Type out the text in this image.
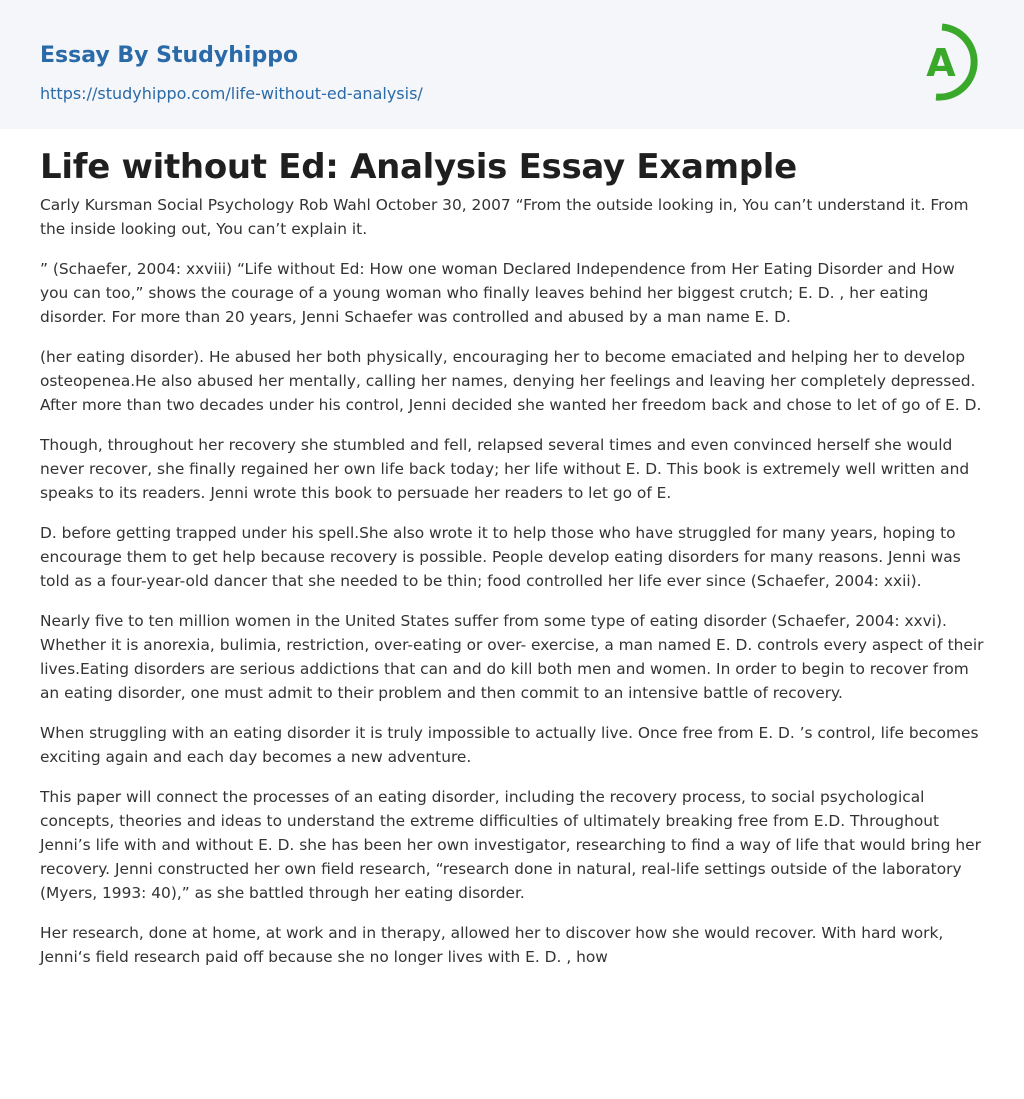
Essay By Studyhippo
https://studyhippo.com/life-without-ed-analysis/
A
Life without Ed: Analysis Essay Example

Carly Kursman Social Psychology Rob Wahl October 30, 2007 “From the outside looking in, You can’t understand it. From the inside looking out, You can’t explain it.

” (Schaefer, 2004: xxviii) “Life without Ed: How one woman Declared Independence from Her Eating Disorder and How you can too,” shows the courage of a young woman who finally leaves behind her biggest crutch; E. D. , her eating disorder. For more than 20 years, Jenni Schaefer was controlled and abused by a man name E. D.

(her eating disorder). He abused her both physically, encouraging her to become emaciated and helping her to develop osteopenea.He also abused her mentally, calling her names, denying her feelings and leaving her completely depressed. After more than two decades under his control, Jenni decided she wanted her freedom back and chose to let of go of E. D.

Though, throughout her recovery she stumbled and fell, relapsed several times and even convinced herself she would never recover, she finally regained her own life back today; her life without E. D. This book is extremely well written and speaks to its readers. Jenni wrote this book to persuade her readers to let go of E.

D. before getting trapped under his spell.She also wrote it to help those who have struggled for many years, hoping to encourage them to get help because recovery is possible. People develop eating disorders for many reasons. Jenni was told as a four-year-old dancer that she needed to be thin; food controlled her life ever since (Schaefer, 2004: xxii).

Nearly five to ten million women in the United States suffer from some type of eating disorder (Schaefer, 2004: xxvi). Whether it is anorexia, bulimia, restriction, over-eating or over- exercise, a man named E. D. controls every aspect of their lives.Eating disorders are serious addictions that can and do kill both men and women. In order to begin to recover from an eating disorder, one must admit to their problem and then commit to an intensive battle of recovery.

When struggling with an eating disorder it is truly impossible to actually live. Once free from E. D. ’s control, life becomes exciting again and each day becomes a new adventure.

This paper will connect the processes of an eating disorder, including the recovery process, to social psychological concepts, theories and ideas to understand the extreme difficulties of ultimately breaking free from E.D. Throughout Jenni’s life with and without E. D. she has been her own investigator, researching to find a way of life that would bring her recovery. Jenni constructed her own field research, “research done in natural, real-life settings outside of the laboratory (Myers, 1993: 40),” as she battled through her eating disorder.

Her research, done at home, at work and in therapy, allowed her to discover how she would recover. With hard work, Jenni‘s field research paid off because she no longer lives with E. D. , how
